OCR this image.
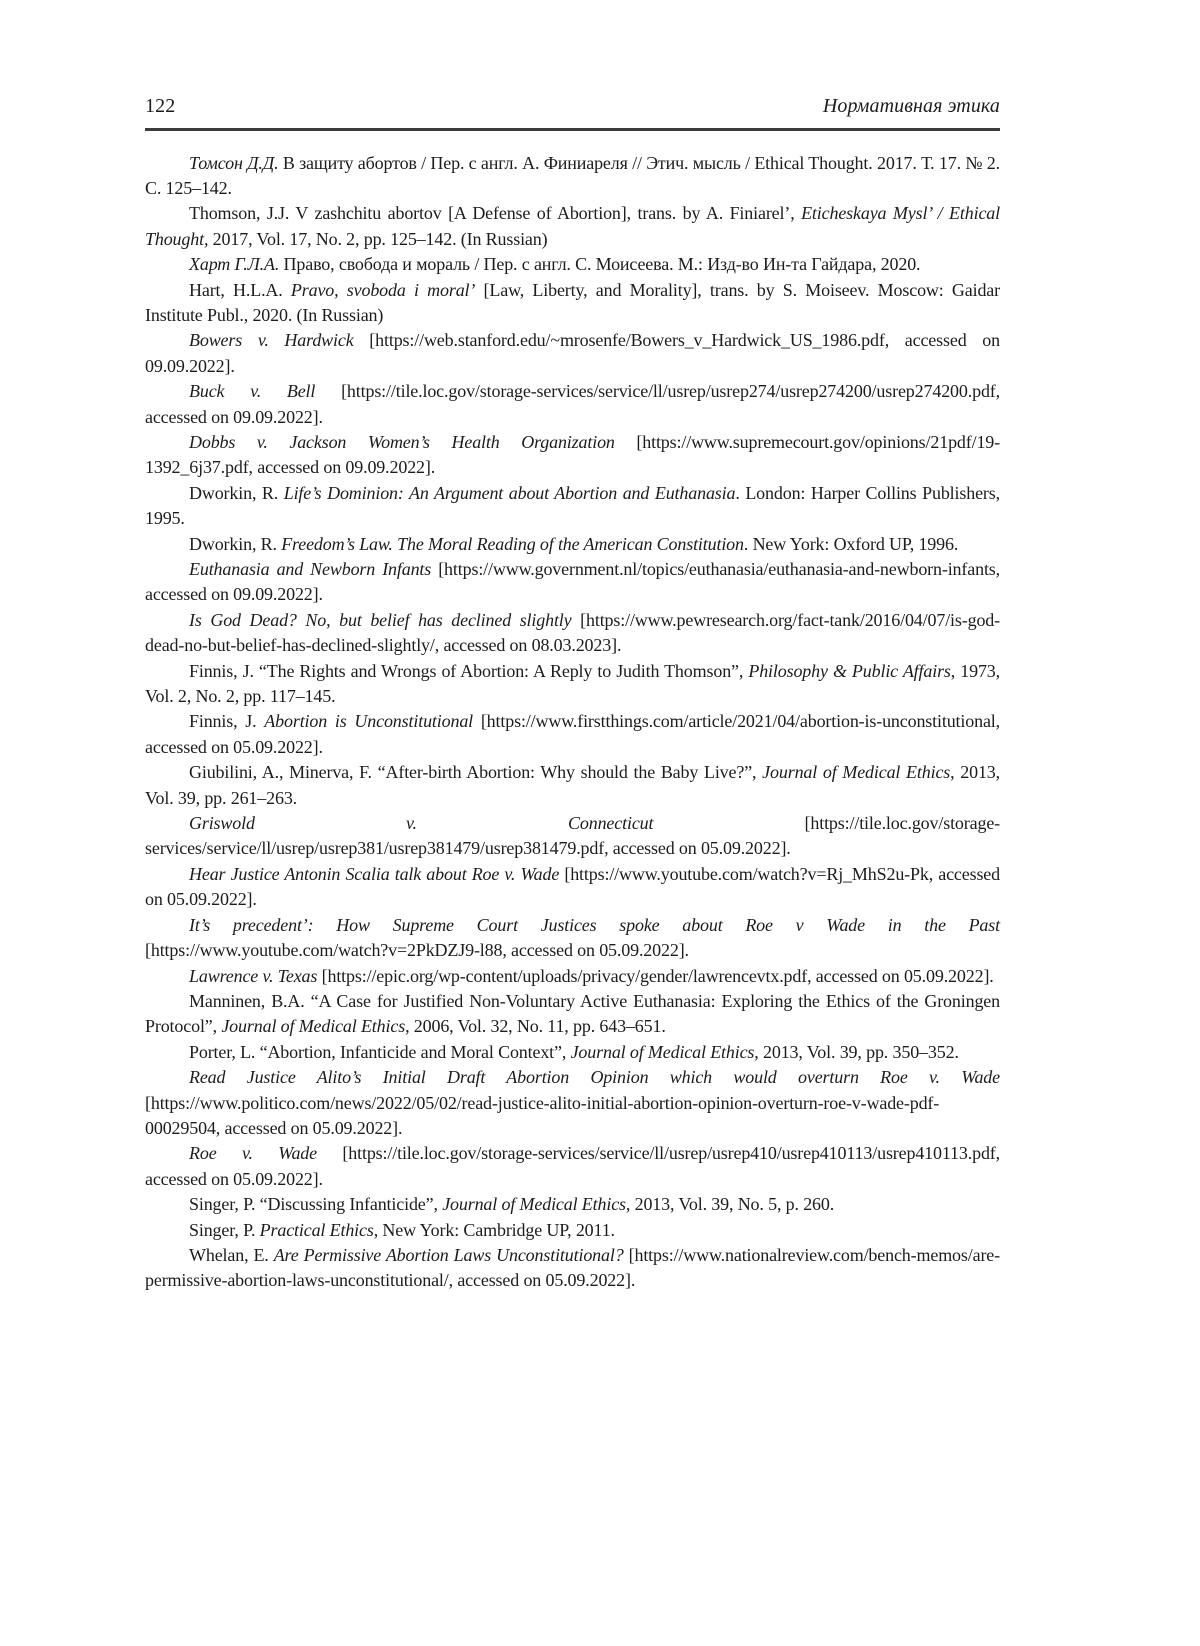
122	Нормативная этика

Томсон Д.Д. В защиту абортов / Пер. с англ. А. Финиареля // Этич. мысль / Ethical Thought. 2017. Т. 17. № 2. С. 125–142.

Thomson, J.J. V zashchitu abortov [A Defense of Abortion], trans. by A. Finiarel’, Eticheskaya Mysl’ / Ethical Thought, 2017, Vol. 17, No. 2, pp. 125–142. (In Russian)

Харт Г.Л.А. Право, свобода и мораль / Пер. с англ. С. Моисеева. М.: Изд-во Ин-та Гайдара, 2020.

Hart, H.L.A. Pravo, svoboda i moral’ [Law, Liberty, and Morality], trans. by S. Moiseev. Moscow: Gaidar Institute Publ., 2020. (In Russian)

Bowers v. Hardwick [https://web.stanford.edu/~mrosenfe/Bowers_v_Hardwick_US_1986.pdf, accessed on 09.09.2022].

Buck v. Bell [https://tile.loc.gov/storage-services/service/ll/usrep/usrep274/usrep274200/usrep274200.pdf, accessed on 09.09.2022].

Dobbs v. Jackson Women’s Health Organization [https://www.supremecourt.gov/opinions/21pdf/19-1392_6j37.pdf, accessed on 09.09.2022].

Dworkin, R. Life’s Dominion: An Argument about Abortion and Euthanasia. London: Harper Collins Publishers, 1995.

Dworkin, R. Freedom’s Law. The Moral Reading of the American Constitution. New York: Oxford UP, 1996.

Euthanasia and Newborn Infants [https://www.government.nl/topics/euthanasia/euthanasia-and-newborn-infants, accessed on 09.09.2022].

Is God Dead? No, but belief has declined slightly [https://www.pewresearch.org/fact-tank/2016/04/07/is-god-dead-no-but-belief-has-declined-slightly/, accessed on 08.03.2023].

Finnis, J. “The Rights and Wrongs of Abortion: A Reply to Judith Thomson”, Philosophy & Public Affairs, 1973, Vol. 2, No. 2, pp. 117–145.

Finnis, J. Abortion is Unconstitutional [https://www.firstthings.com/article/2021/04/abortion-is-unconstitutional, accessed on 05.09.2022].

Giubilini, A., Minerva, F. “After-birth Abortion: Why should the Baby Live?”, Journal of Medical Ethics, 2013, Vol. 39, pp. 261–263.

Griswold v. Connecticut [https://tile.loc.gov/storage-services/service/ll/usrep/usrep381/usrep381479/usrep381479.pdf, accessed on 05.09.2022].

Hear Justice Antonin Scalia talk about Roe v. Wade [https://www.youtube.com/watch?v=Rj_MhS2u-Pk, accessed on 05.09.2022].

It’s precedent’: How Supreme Court Justices spoke about Roe v Wade in the Past [https://www.youtube.com/watch?v=2PkDZJ9-l88, accessed on 05.09.2022].

Lawrence v. Texas [https://epic.org/wp-content/uploads/privacy/gender/lawrencevtx.pdf, accessed on 05.09.2022].

Manninen, B.A. “A Case for Justified Non-Voluntary Active Euthanasia: Exploring the Ethics of the Groningen Protocol”, Journal of Medical Ethics, 2006, Vol. 32, No. 11, pp. 643–651.

Porter, L. “Abortion, Infanticide and Moral Context”, Journal of Medical Ethics, 2013, Vol. 39, pp. 350–352.

Read Justice Alito’s Initial Draft Abortion Opinion which would overturn Roe v. Wade [https://www.politico.com/news/2022/05/02/read-justice-alito-initial-abortion-opinion-overturn-roe-v-wade-pdf-00029504, accessed on 05.09.2022].

Roe v. Wade [https://tile.loc.gov/storage-services/service/ll/usrep/usrep410/usrep410113/usrep410113.pdf, accessed on 05.09.2022].

Singer, P. “Discussing Infanticide”, Journal of Medical Ethics, 2013, Vol. 39, No. 5, p. 260.

Singer, P. Practical Ethics, New York: Cambridge UP, 2011.

Whelan, E. Are Permissive Abortion Laws Unconstitutional? [https://www.nationalreview.com/bench-memos/are-permissive-abortion-laws-unconstitutional/, accessed on 05.09.2022].
